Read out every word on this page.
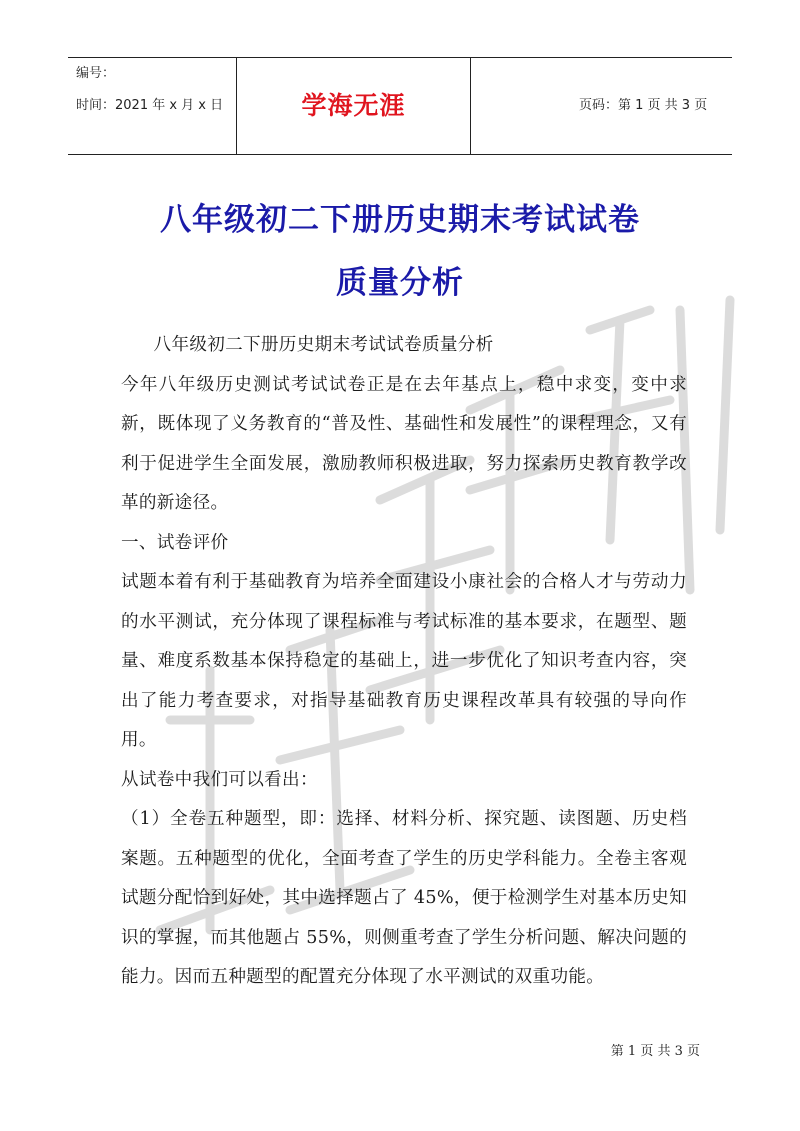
编号：
时间：2021 年 x 月 x 日	学海无涯	页码：第 1 页 共 3 页
八年级初二下册历史期末考试试卷
质量分析

八年级初二下册历史期末考试试卷质量分析

今年八年级历史测试考试试卷正是在去年基点上，稳中求变，变中求新，既体现了义务教育的“普及性、基础性和发展性”的课程理念，又有利于促进学生全面发展，激励教师积极进取，努力探索历史教育教学改革的新途径。

一、试卷评价

试题本着有利于基础教育为培养全面建设小康社会的合格人才与劳动力的水平测试，充分体现了课程标准与考试标准的基本要求，在题型、题量、难度系数基本保持稳定的基础上，进一步优化了知识考查内容，突出了能力考查要求，对指导基础教育历史课程改革具有较强的导向作用。

从试卷中我们可以看出：

（1）全卷五种题型，即：选择、材料分析、探究题、读图题、历史档案题。五种题型的优化，全面考查了学生的历史学科能力。全卷主客观试题分配恰到好处，其中选择题占了 45%，便于检测学生对基本历史知识的掌握，而其他题占 55%，则侧重考查了学生分析问题、解决问题的能力。因而五种题型的配置充分体现了水平测试的双重功能。

第 1 页 共 3 页
